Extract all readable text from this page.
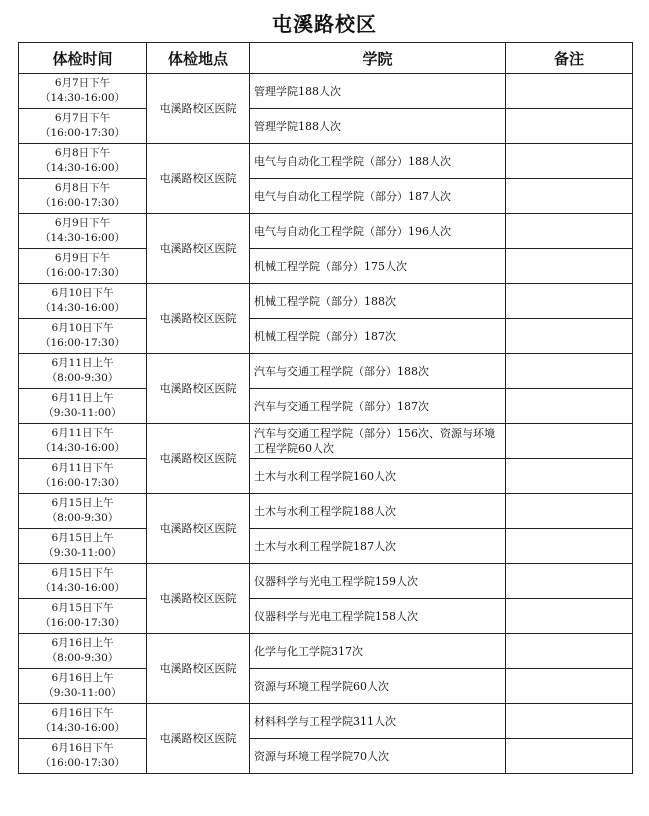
屯溪路校区
体检时间	体检地点	学院	备注

6月7日下午
（14:30-16:00）	屯溪路校区医院	管理学院188人次	

6月7日下午
（16:00-17:30）		管理学院188人次	

6月8日下午
（14:30-16:00）	屯溪路校区医院	电气与自动化工程学院（部分）188人次	

6月8日下午
（16:00-17:30）		电气与自动化工程学院（部分）187人次	

6月9日下午
（14:30-16:00）	屯溪路校区医院	电气与自动化工程学院（部分）196人次	

6月9日下午
（16:00-17:30）		机械工程学院（部分）175人次	

6月10日下午
（14:30-16:00）	屯溪路校区医院	机械工程学院（部分）188次	

6月10日下午
（16:00-17:30）		机械工程学院（部分）187次	

6月11日上午
（8:00-9:30）	屯溪路校区医院	汽车与交通工程学院（部分）188次	

6月11日上午
（9:30-11:00）		汽车与交通工程学院（部分）187次	

6月11日下午
（14:30-16:00）	屯溪路校区医院	汽车与交通工程学院（部分）156次、资源与环境工程学院60人次	

6月11日下午
（16:00-17:30）		土木与水利工程学院160人次	

6月15日上午
（8:00-9:30）	屯溪路校区医院	土木与水利工程学院188人次	

6月15日上午
（9:30-11:00）		土木与水利工程学院187人次	

6月15日下午
（14:30-16:00）	屯溪路校区医院	仪器科学与光电工程学院159人次	

6月15日下午
（16:00-17:30）		仪器科学与光电工程学院158人次	

6月16日上午
（8:00-9:30）	屯溪路校区医院	化学与化工学院317次	

6月16日上午
（9:30-11:00）		资源与环境工程学院60人次	

6月16日下午
（14:30-16:00）	屯溪路校区医院	材料科学与工程学院311人次	

6月16日下午
（16:00-17:30）		资源与环境工程学院70人次	
